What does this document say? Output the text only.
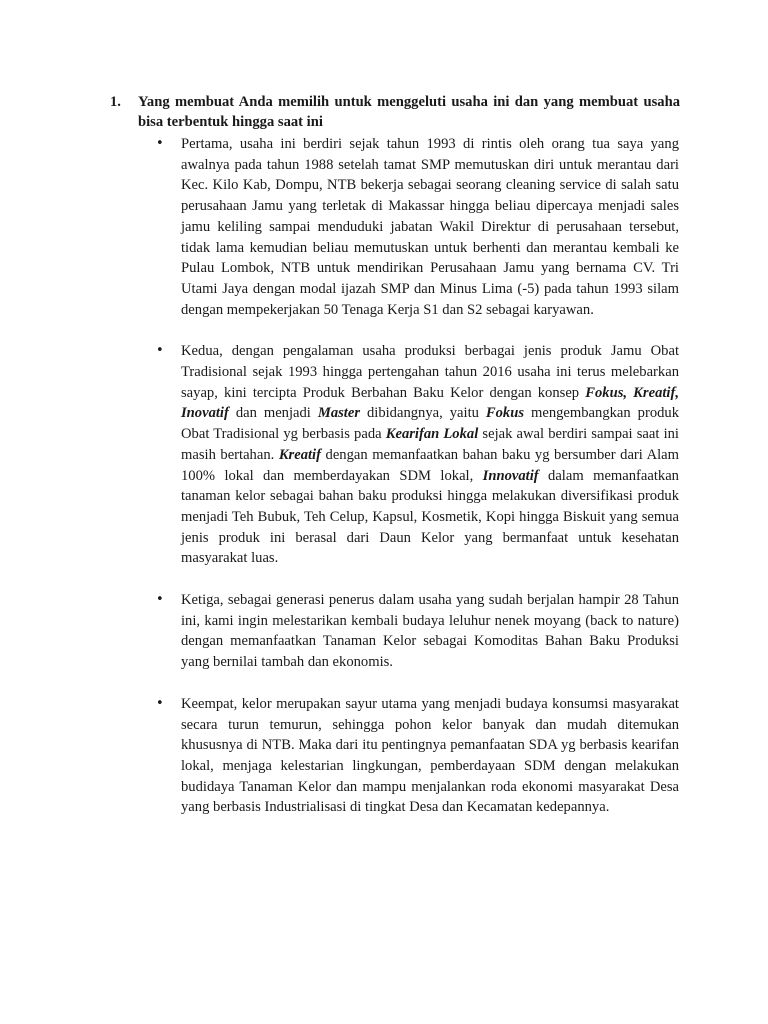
1.	Yang membuat Anda memilih untuk menggeluti usaha ini dan yang membuat usaha bisa terbentuk hingga saat ini
• Pertama, usaha ini berdiri sejak tahun 1993 di rintis oleh orang tua saya yang awalnya pada tahun 1988 setelah tamat SMP memutuskan diri untuk merantau dari Kec. Kilo Kab, Dompu, NTB bekerja sebagai seorang cleaning service di salah satu perusahaan Jamu yang terletak di Makassar hingga beliau dipercaya menjadi sales jamu keliling sampai menduduki jabatan Wakil Direktur di perusahaan tersebut, tidak lama kemudian beliau memutuskan untuk berhenti dan merantau kembali ke Pulau Lombok, NTB untuk mendirikan Perusahaan Jamu yang bernama CV. Tri Utami Jaya dengan modal ijazah SMP dan Minus Lima (-5) pada tahun 1993 silam dengan mempekerjakan 50 Tenaga Kerja S1 dan S2 sebagai karyawan.
• Kedua, dengan pengalaman usaha produksi berbagai jenis produk Jamu Obat Tradisional sejak 1993 hingga pertengahan tahun 2016 usaha ini terus melebarkan sayap, kini tercipta Produk Berbahan Baku Kelor dengan konsep Fokus, Kreatif, Inovatif dan menjadi Master dibidangnya, yaitu Fokus mengembangkan produk Obat Tradisional yg berbasis pada Kearifan Lokal sejak awal berdiri sampai saat ini masih bertahan. Kreatif dengan memanfaatkan bahan baku yg bersumber dari Alam 100% lokal dan memberdayakan SDM lokal, Innovatif dalam memanfaatkan tanaman kelor sebagai bahan baku produksi hingga melakukan diversifikasi produk menjadi Teh Bubuk, Teh Celup, Kapsul, Kosmetik, Kopi hingga Biskuit yang semua jenis produk ini berasal dari Daun Kelor yang bermanfaat untuk kesehatan masyarakat luas.
• Ketiga, sebagai generasi penerus dalam usaha yang sudah berjalan hampir 28 Tahun ini, kami ingin melestarikan kembali budaya leluhur nenek moyang (back to nature) dengan memanfaatkan Tanaman Kelor sebagai Komoditas Bahan Baku Produksi yang bernilai tambah dan ekonomis.
• Keempat, kelor merupakan sayur utama yang menjadi budaya konsumsi masyarakat secara turun temurun, sehingga pohon kelor banyak dan mudah ditemukan khususnya di NTB. Maka dari itu pentingnya pemanfaatan SDA yg berbasis kearifan lokal, menjaga kelestarian lingkungan, pemberdayaan SDM dengan melakukan budidaya Tanaman Kelor dan mampu menjalankan roda ekonomi masyarakat Desa yang berbasis Industrialisasi di tingkat Desa dan Kecamatan kedepannya.
